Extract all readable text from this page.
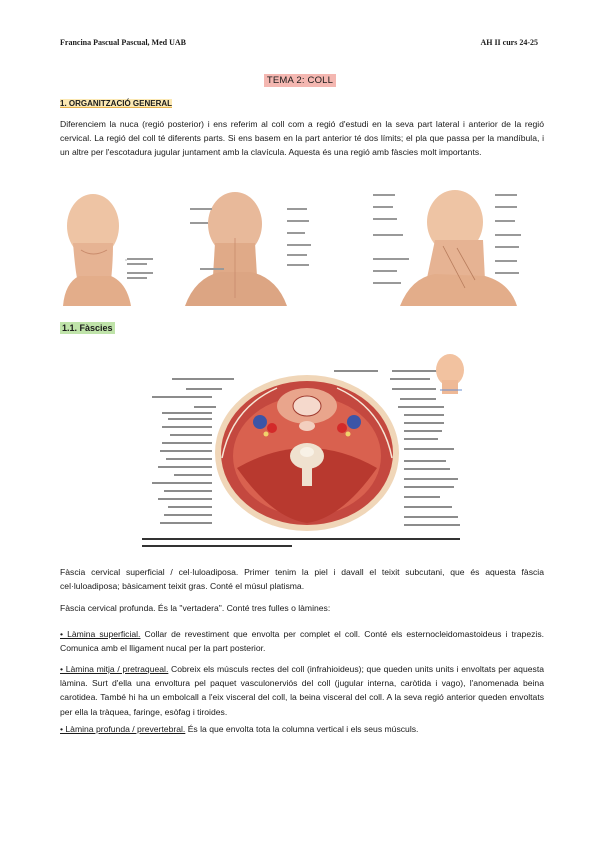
Francina Pascual Pascual, Med UAB	AH II curs 24-25
TEMA 2: COLL
1. ORGANITZACIÓ GENERAL
Diferenciem la nuca (regió posterior) i ens referim al coll com a regió d'estudi en la seva part lateral i anterior de la regió cervical. La regió del coll té diferents parts. Si ens basem en la part anterior té dos límits; el pla que passa per la mandíbula, i un altre per l'escotadura jugular juntament amb la clavícula. Aquesta és una regió amb fàscies molt importants.
1.1. Fàscies
Fàscia cervical superficial / cel·luloadiposa. Primer tenim la piel i davall el teixit subcutani, que és aquesta fàscia cel·luloadiposa; bàsicament teixit gras. Conté el músul platisma.
Fàscia cervical profunda. És la "vertadera". Conté tres fulles o làmines:
• Làmina superficial. Collar de revestiment que envolta per complet el coll. Conté els esternocleidomastoideus i trapezis. Comunica amb el lligament nucal per la part posterior.
• Làmina mitja / pretraqueal. Cobreix els músculs rectes del coll (infrahioideus); que queden units units i envoltats per aquesta làmina. Surt d'ella una envoltura pel paquet vasculonerviós del coll (jugular interna, caròtida i vago), l'anomenada beina carotidea. També hi ha un embolcall a l'eix visceral del coll, la beina visceral del coll. A la seva regió anterior queden envoltats per ella la tràquea, faringe, esòfag i tiroides.
• Làmina profunda / prevertebral. És la que envolta tota la columna vertical i els seus músculs.
